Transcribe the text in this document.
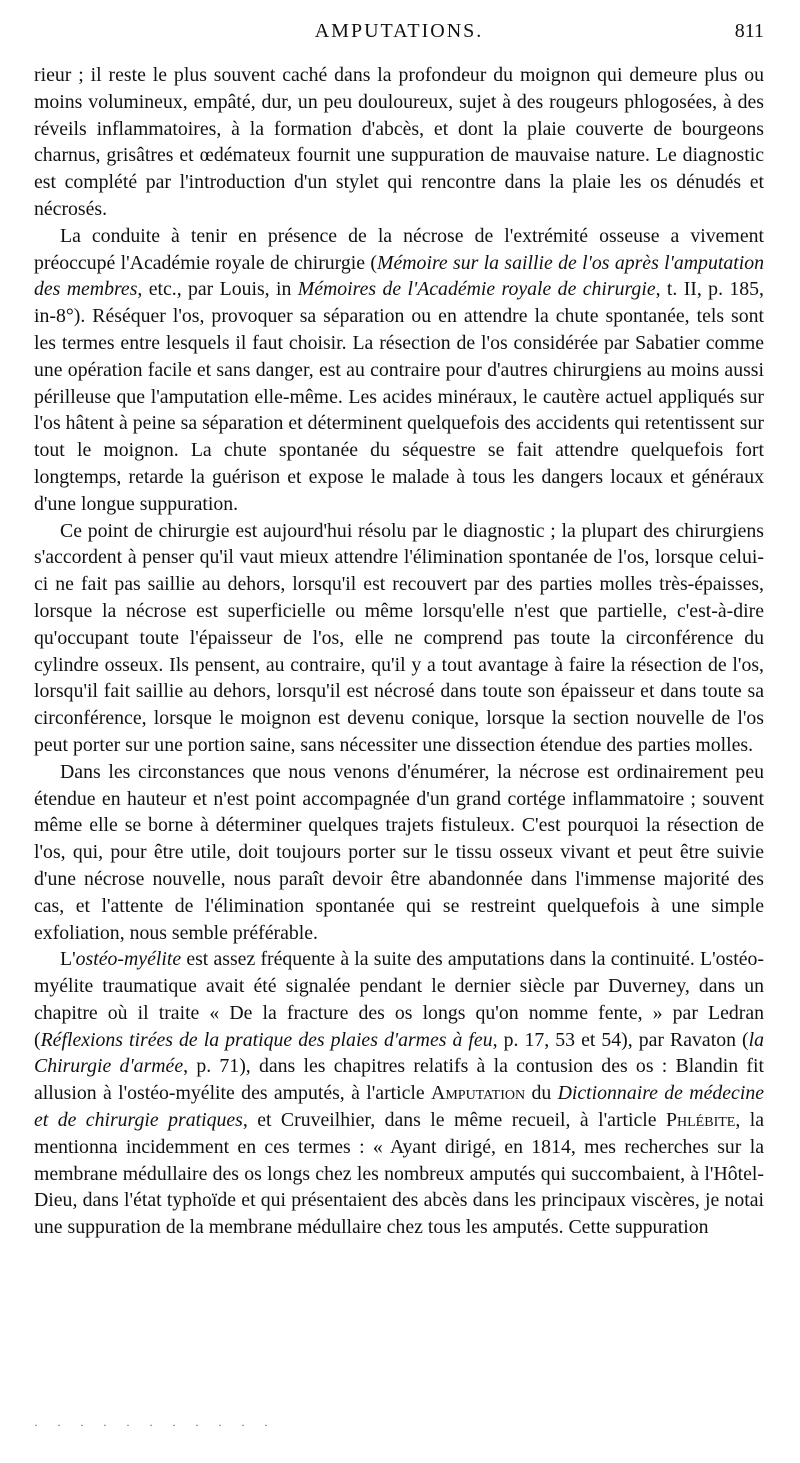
AMPUTATIONS.	811

rieur ; il reste le plus souvent caché dans la profondeur du moignon qui demeure plus ou moins volumineux, empâté, dur, un peu douloureux, sujet à des rougeurs phlogosées, à des réveils inflammatoires, à la formation d'abcès, et dont la plaie couverte de bourgeons charnus, grisâtres et œdémateux fournit une suppuration de mauvaise nature. Le diagnostic est complété par l'introduction d'un stylet qui rencontre dans la plaie les os dénudés et nécrosés.

La conduite à tenir en présence de la nécrose de l'extrémité osseuse a vivement préoccupé l'Académie royale de chirurgie (Mémoire sur la saillie de l'os après l'amputation des membres, etc., par Louis, in Mémoires de l'Académie royale de chirurgie, t. II, p. 185, in-8°). Réséquer l'os, provoquer sa séparation ou en attendre la chute spontanée, tels sont les termes entre lesquels il faut choisir. La résection de l'os considérée par Sabatier comme une opération facile et sans danger, est au contraire pour d'autres chirurgiens au moins aussi périlleuse que l'amputation elle-même. Les acides minéraux, le cautère actuel appliqués sur l'os hâtent à peine sa séparation et déterminent quelquefois des accidents qui retentissent sur tout le moignon. La chute spontanée du séquestre se fait attendre quelquefois fort longtemps, retarde la guérison et expose le malade à tous les dangers locaux et généraux d'une longue suppuration.

Ce point de chirurgie est aujourd'hui résolu par le diagnostic ; la plupart des chirurgiens s'accordent à penser qu'il vaut mieux attendre l'élimination spontanée de l'os, lorsque celui-ci ne fait pas saillie au dehors, lorsqu'il est recouvert par des parties molles très-épaisses, lorsque la nécrose est superficielle ou même lorsqu'elle n'est que partielle, c'est-à-dire qu'occupant toute l'épaisseur de l'os, elle ne comprend pas toute la circonférence du cylindre osseux. Ils pensent, au contraire, qu'il y a tout avantage à faire la résection de l'os, lorsqu'il fait saillie au dehors, lorsqu'il est nécrosé dans toute son épaisseur et dans toute sa circonférence, lorsque le moignon est devenu conique, lorsque la section nouvelle de l'os peut porter sur une portion saine, sans nécessiter une dissection étendue des parties molles.

Dans les circonstances que nous venons d'énumérer, la nécrose est ordinairement peu étendue en hauteur et n'est point accompagnée d'un grand cortége inflammatoire ; souvent même elle se borne à déterminer quelques trajets fistuleux. C'est pourquoi la résection de l'os, qui, pour être utile, doit toujours porter sur le tissu osseux vivant et peut être suivie d'une nécrose nouvelle, nous paraît devoir être abandonnée dans l'immense majorité des cas, et l'attente de l'élimination spontanée qui se restreint quelquefois à une simple exfoliation, nous semble préférable.

L'ostéo-myélite est assez fréquente à la suite des amputations dans la continuité. L'ostéo-myélite traumatique avait été signalée pendant le dernier siècle par Duverney, dans un chapitre où il traite « De la fracture des os longs qu'on nomme fente, » par Ledran (Réflexions tirées de la pratique des plaies d'armes à feu, p. 17, 53 et 54), par Ravaton (la Chirurgie d'armée, p. 71), dans les chapitres relatifs à la contusion des os : Blandin fit allusion à l'ostéo-myélite des amputés, à l'article Amputation du Dictionnaire de médecine et de chirurgie pratiques, et Cruveilhier, dans le même recueil, à l'article Phlébite, la mentionna incidemment en ces termes : « Ayant dirigé, en 1814, mes recherches sur la membrane médullaire des os longs chez les nombreux amputés qui succombaient, à l'Hôtel-Dieu, dans l'état typhoïde et qui présentaient des abcès dans les principaux viscères, je notai une suppuration de la membrane médullaire chez tous les amputés. Cette suppuration

· · · · · · · · · · ·
